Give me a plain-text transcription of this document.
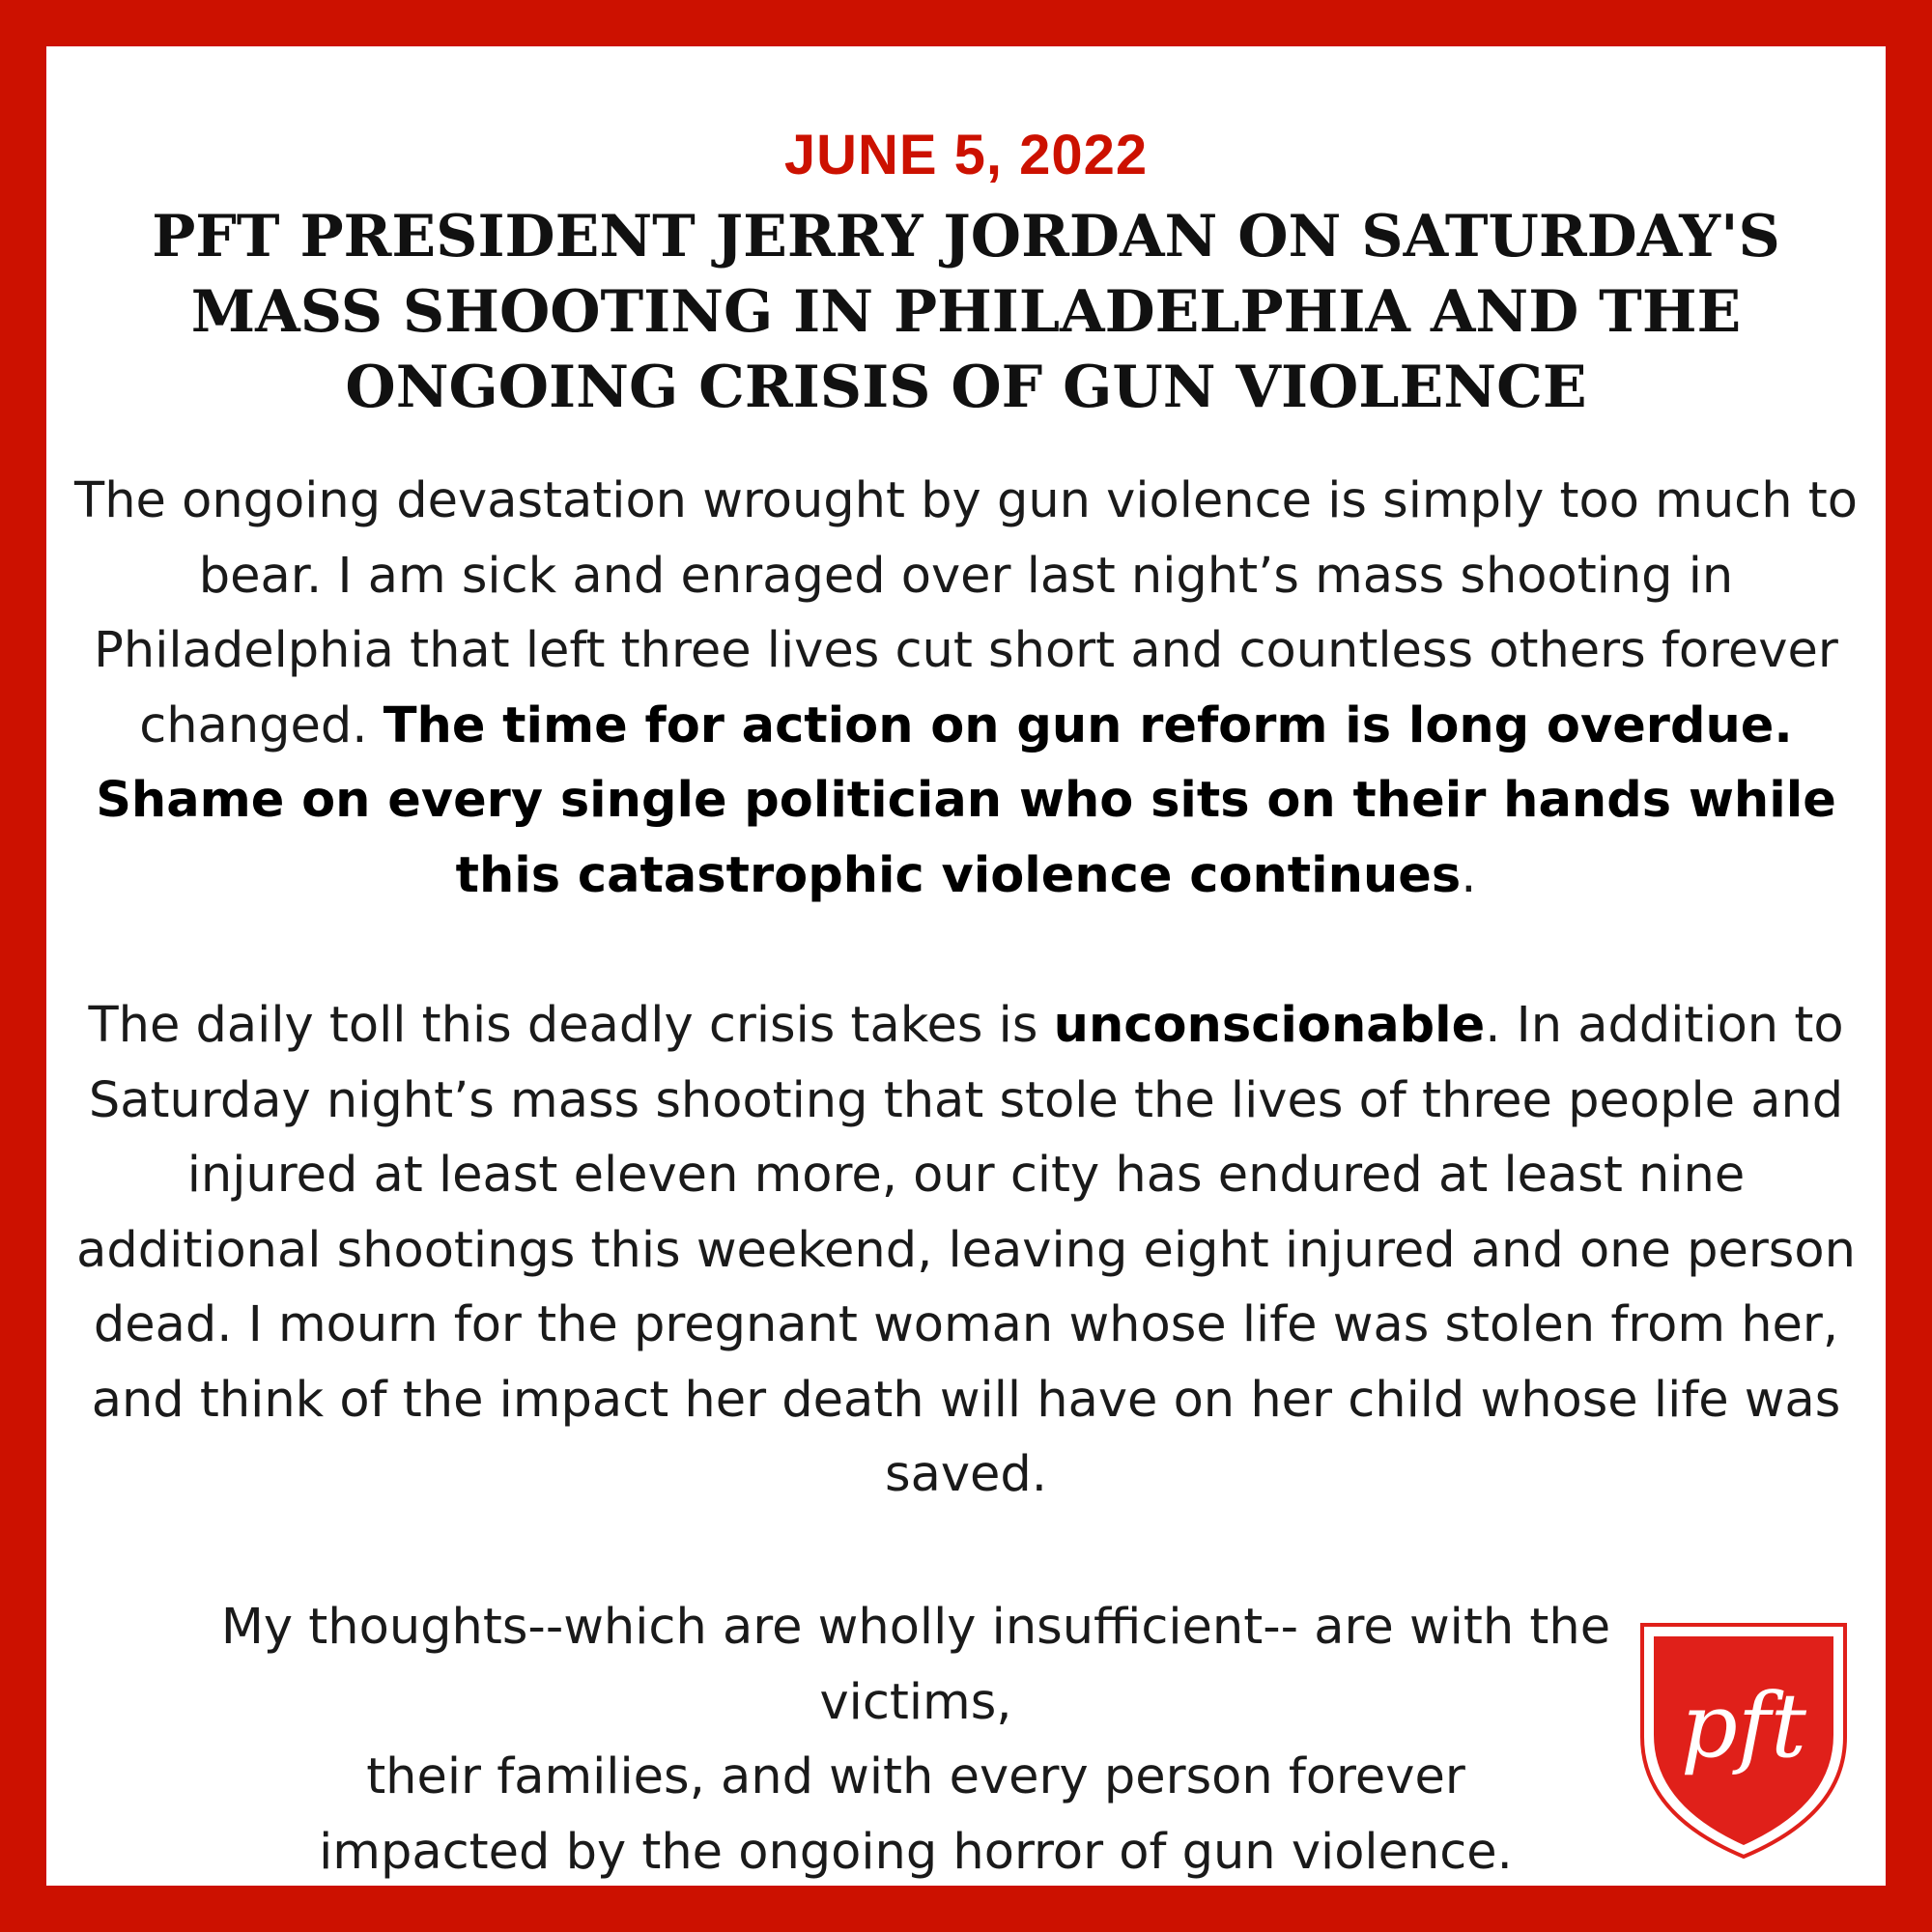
JUNE 5, 2022
PFT PRESIDENT JERRY JORDAN ON SATURDAY'S MASS SHOOTING IN PHILADELPHIA AND THE ONGOING CRISIS OF GUN VIOLENCE

The ongoing devastation wrought by gun violence is simply too much to bear. I am sick and enraged over last night’s mass shooting in Philadelphia that left three lives cut short and countless others forever changed. The time for action on gun reform is long overdue. Shame on every single politician who sits on their hands while this catastrophic violence continues.

The daily toll this deadly crisis takes is unconscionable. In addition to Saturday night’s mass shooting that stole the lives of three people and injured at least eleven more, our city has endured at least nine additional shootings this weekend, leaving eight injured and one person dead. I mourn for the pregnant woman whose life was stolen from her, and think of the impact her death will have on her child whose life was saved.

My thoughts--which are wholly insufficient-- are with the victims,
their families, and with every person forever
impacted by the ongoing horror of gun violence.

pft
